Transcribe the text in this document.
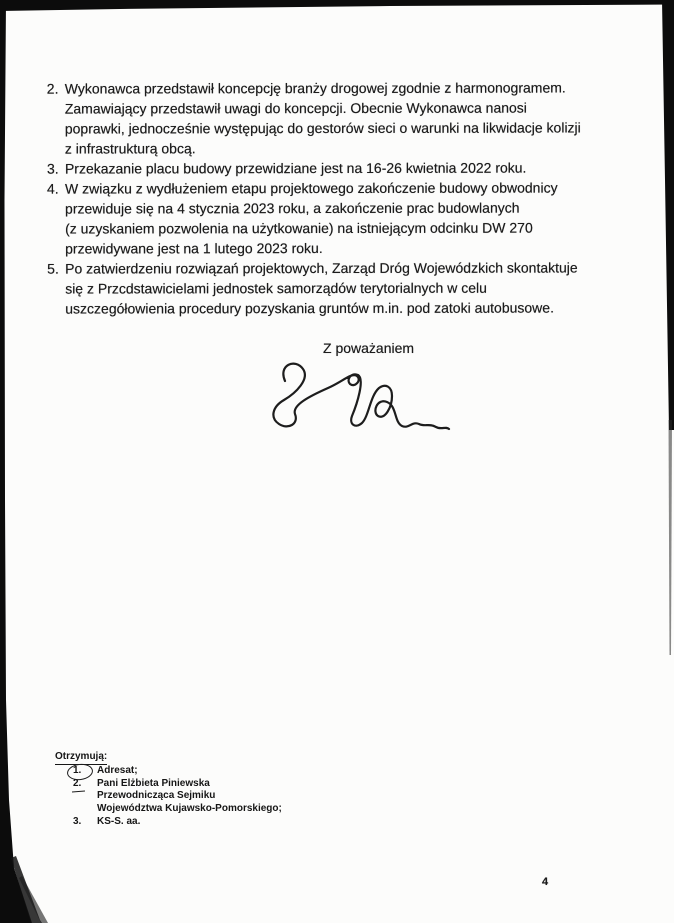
2. Wykonawca przedstawił koncepcję branży drogowej zgodnie z harmonogramem.
Zamawiający przedstawił uwagi do koncepcji. Obecnie Wykonawca nanosi
poprawki, jednocześnie występując do gestorów sieci o warunki na likwidacje kolizji
z infrastrukturą obcą.
3. Przekazanie placu budowy przewidziane jest na 16-26 kwietnia 2022 roku.
4. W związku z wydłużeniem etapu projektowego zakończenie budowy obwodnicy
przewiduje się na 4 stycznia 2023 roku, a zakończenie prac budowlanych
(z uzyskaniem pozwolenia na użytkowanie) na istniejącym odcinku DW 270
przewidywane jest na 1 lutego 2023 roku.
5. Po zatwierdzeniu rozwiązań projektowych, Zarząd Dróg Wojewódzkich skontaktuje
się z Przcdstawicielami jednostek samorządów terytorialnych w celu
uszczegółowienia procedury pozyskania gruntów m.in. pod zatoki autobusowe.
Z poważaniem
Otrzymują:
1.	Adresat;
2.	Pani Elżbieta Piniewska
Przewodnicząca Sejmiku
Województwa Kujawsko-Pomorskiego;
3.	KS-S. aa.
4
